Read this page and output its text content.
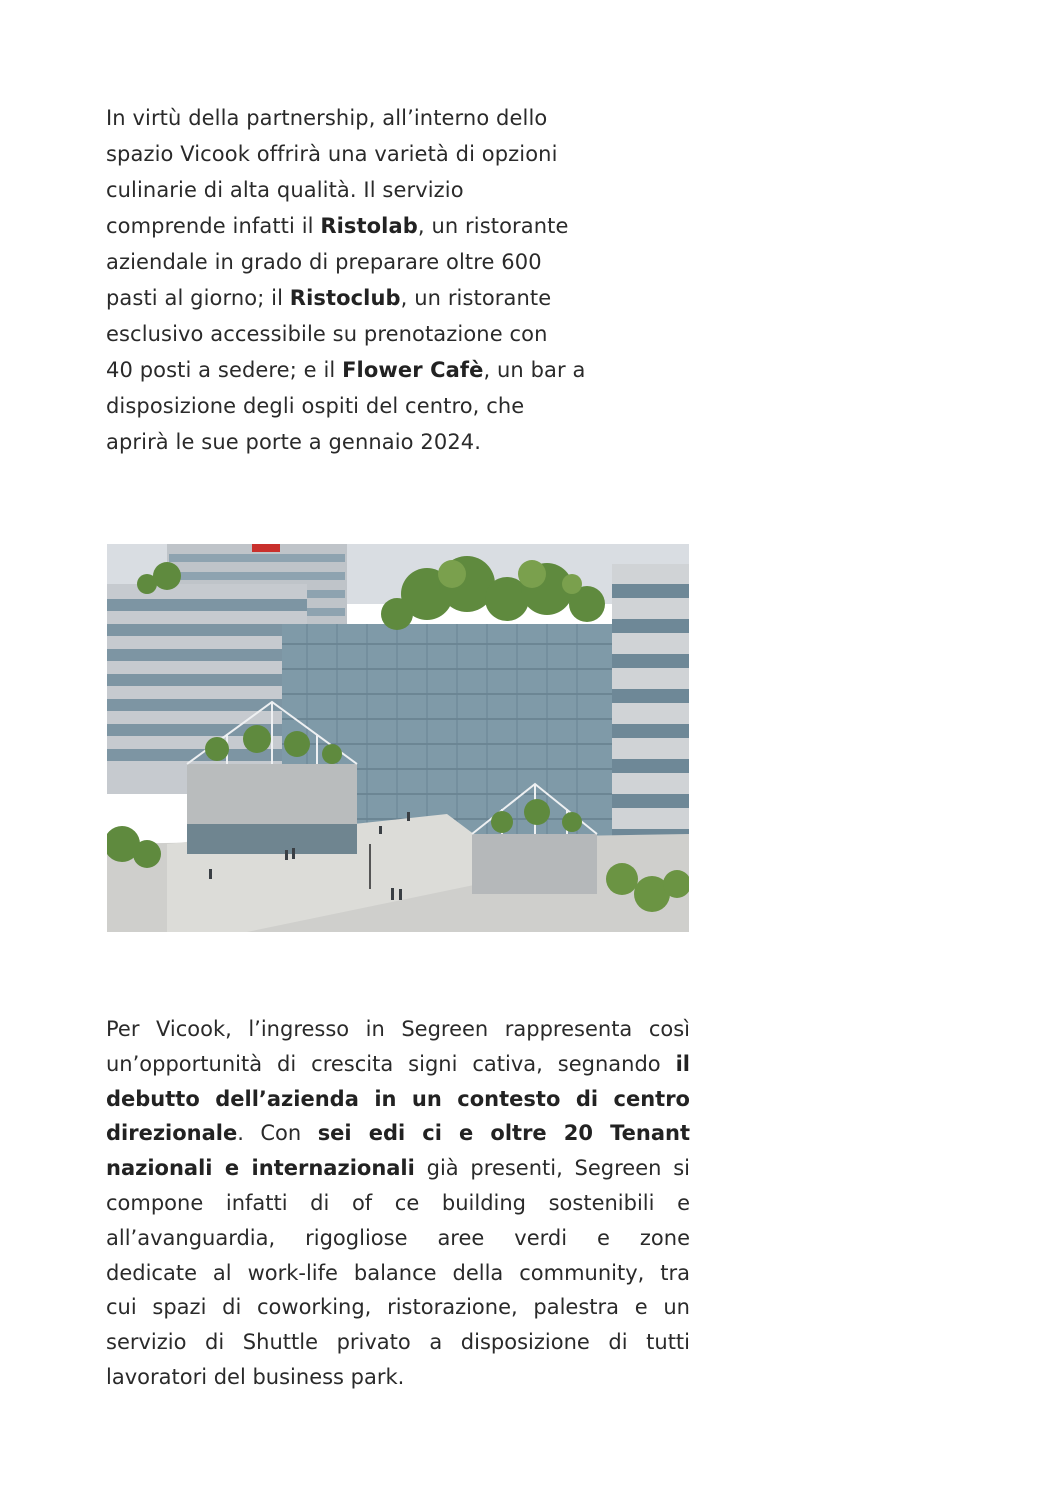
In virtù della partnership, all’interno dello
spazio Vicook offrirà una varietà di opzioni
culinarie di alta qualità. Il servizio
comprende infatti il Ristolab, un ristorante
aziendale in grado di preparare oltre 600
pasti al giorno; il Ristoclub, un ristorante
esclusivo accessibile su prenotazione con
40 posti a sedere; e il Flower Cafè, un bar a
disposizione degli ospiti del centro, che
aprirà le sue porte a gennaio 2024.
Per Vicook, l’ingresso in Segreen rappresenta così
un’opportunità di crescita signi cativa, segnando il
debutto dell’azienda in un contesto di centro
direzionale. Con sei edi ci e oltre 20 Tenant
nazionali e internazionali già presenti, Segreen si
compone infatti di of ce building sostenibili e
all’avanguardia, rigogliose aree verdi e zone
dedicate al work-life balance della community, tra
cui spazi di coworking, ristorazione, palestra e un
servizio di Shuttle privato a disposizione di tutti
lavoratori del business park.
